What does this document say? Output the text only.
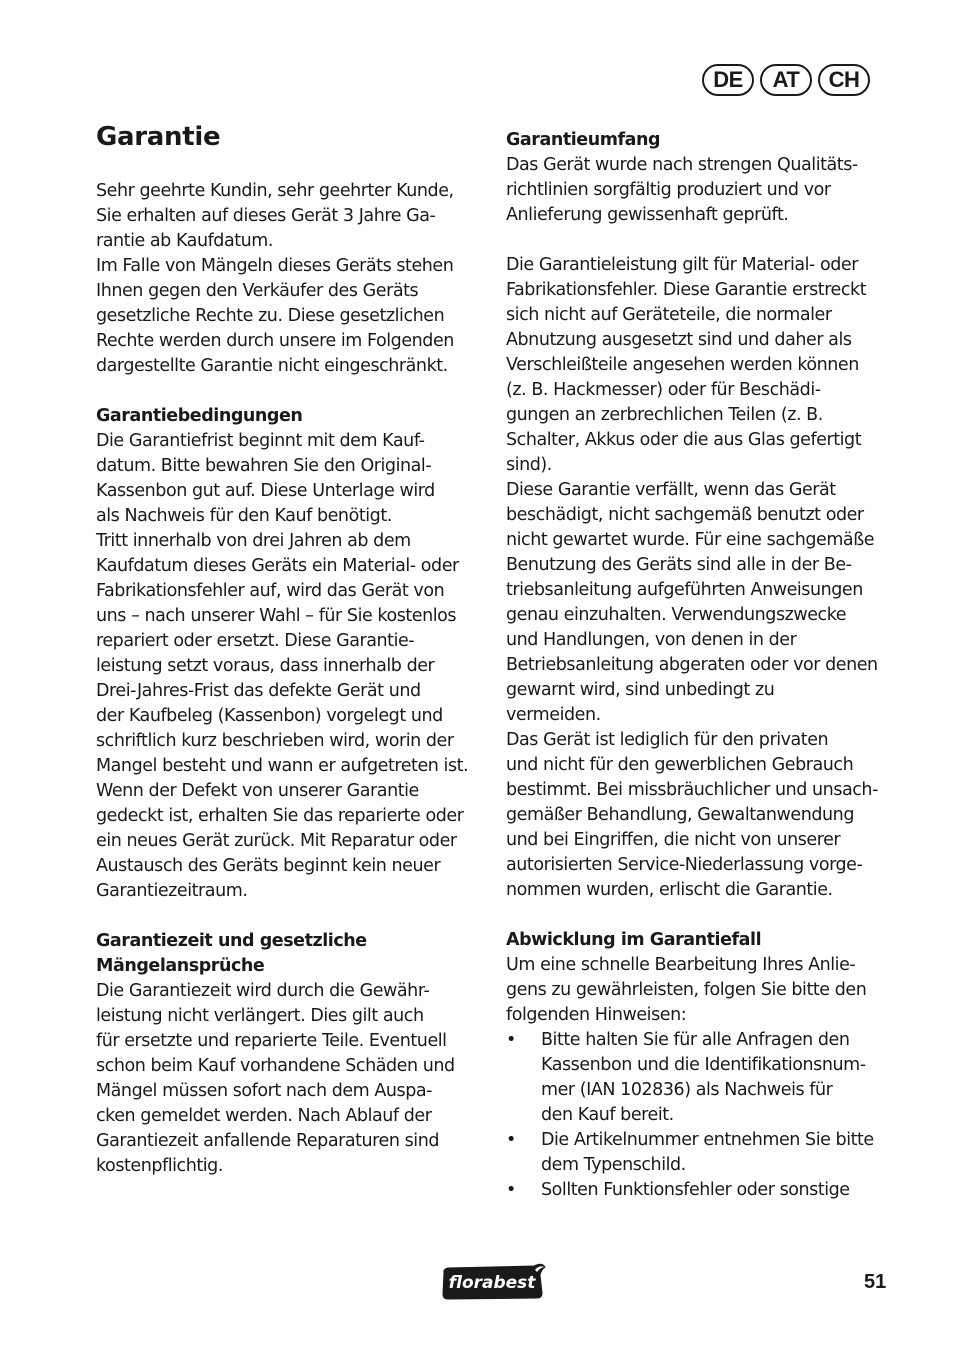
DE	AT	CH
Garantie
Sehr geehrte Kundin, sehr geehrter Kunde,
Sie erhalten auf dieses Gerät 3 Jahre Ga-
rantie ab Kaufdatum.
Im Falle von Mängeln dieses Geräts stehen
Ihnen gegen den Verkäufer des Geräts
gesetzliche Rechte zu. Diese gesetzlichen
Rechte werden durch unsere im Folgenden
dargestellte Garantie nicht eingeschränkt.
Garantiebedingungen
Die Garantiefrist beginnt mit dem Kauf-
datum. Bitte bewahren Sie den Original-
Kassenbon gut auf. Diese Unterlage wird
als Nachweis für den Kauf benötigt.
Tritt innerhalb von drei Jahren ab dem
Kaufdatum dieses Geräts ein Material- oder
Fabrikationsfehler auf, wird das Gerät von
uns – nach unserer Wahl – für Sie kostenlos
repariert oder ersetzt. Diese Garantie-
leistung setzt voraus, dass innerhalb der
Drei-Jahres-Frist das defekte Gerät und
der Kaufbeleg (Kassenbon) vorgelegt und
schriftlich kurz beschrieben wird, worin der
Mangel besteht und wann er aufgetreten ist.
Wenn der Defekt von unserer Garantie
gedeckt ist, erhalten Sie das reparierte oder
ein neues Gerät zurück. Mit Reparatur oder
Austausch des Geräts beginnt kein neuer
Garantiezeitraum.
Garantiezeit und gesetzliche
Mängelansprüche
Die Garantiezeit wird durch die Gewähr-
leistung nicht verlängert. Dies gilt auch
für ersetzte und reparierte Teile. Eventuell
schon beim Kauf vorhandene Schäden und
Mängel müssen sofort nach dem Auspa-
cken gemeldet werden. Nach Ablauf der
Garantiezeit anfallende Reparaturen sind
kostenpflichtig.
Garantieumfang
Das Gerät wurde nach strengen Qualitäts-
richtlinien sorgfältig produziert und vor
Anlieferung gewissenhaft geprüft.
Die Garantieleistung gilt für Material- oder
Fabrikationsfehler. Diese Garantie erstreckt
sich nicht auf Geräteteile, die normaler
Abnutzung ausgesetzt sind und daher als
Verschleißteile angesehen werden können
(z. B. Hackmesser) oder für Beschädi-
gungen an zerbrechlichen Teilen (z. B.
Schalter, Akkus oder die aus Glas gefertigt
sind).
Diese Garantie verfällt, wenn das Gerät
beschädigt, nicht sachgemäß benutzt oder
nicht gewartet wurde. Für eine sachgemäße
Benutzung des Geräts sind alle in der Be-
triebsanleitung aufgeführten Anweisungen
genau einzuhalten. Verwendungszwecke
und Handlungen, von denen in der
Betriebsanleitung abgeraten oder vor denen
gewarnt wird, sind unbedingt zu
vermeiden.
Das Gerät ist lediglich für den privaten
und nicht für den gewerblichen Gebrauch
bestimmt. Bei missbräuchlicher und unsach-
gemäßer Behandlung, Gewaltanwendung
und bei Eingriffen, die nicht von unserer
autorisierten Service-Niederlassung vorge-
nommen wurden, erlischt die Garantie.
Abwicklung im Garantiefall
Um eine schnelle Bearbeitung Ihres Anlie-
gens zu gewährleisten, folgen Sie bitte den
folgenden Hinweisen:
• Bitte halten Sie für alle Anfragen den
Kassenbon und die Identifikationsnum-
mer (IAN 102836) als Nachweis für
den Kauf bereit.
• Die Artikelnummer entnehmen Sie bitte
dem Typenschild.
• Sollten Funktionsfehler oder sonstige
florabest	51
